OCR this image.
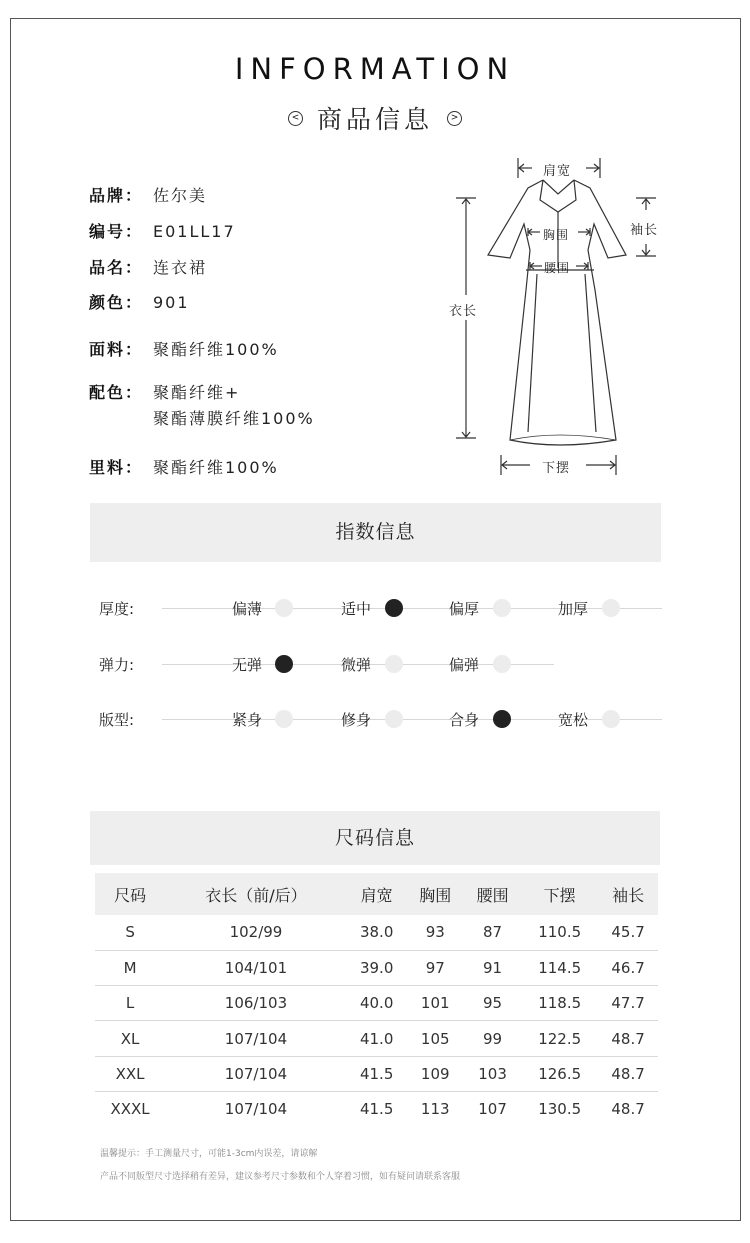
INFORMATION
< 商品信息 >
品牌： 佐尔美
编号： E01LL17
品名： 连衣裙
颜色： 901
面料： 聚酯纤维100%
配色： 聚酯纤维+
聚酯薄膜纤维100%
里料： 聚酯纤维100%
肩宽
袖长
胸围
腰围
衣长
下摆
指数信息
厚度:	偏薄	适中	偏厚	加厚
弹力:	无弹	微弹	偏弹
版型:	紧身	修身	合身	宽松
尺码信息
尺码	衣长（前/后）	肩宽	胸围	腰围	下摆	袖长
S	102/99	38.0	93	87	110.5	45.7
M	104/101	39.0	97	91	114.5	46.7
L	106/103	40.0	101	95	118.5	47.7
XL	107/104	41.0	105	99	122.5	48.7
XXL	107/104	41.5	109	103	126.5	48.7
XXXL	107/104	41.5	113	107	130.5	48.7
温馨提示：手工测量尺寸，可能1-3cm内误差，请谅解
产品不同版型尺寸选择稍有差异，建议参考尺寸参数和个人穿着习惯，如有疑问请联系客服
